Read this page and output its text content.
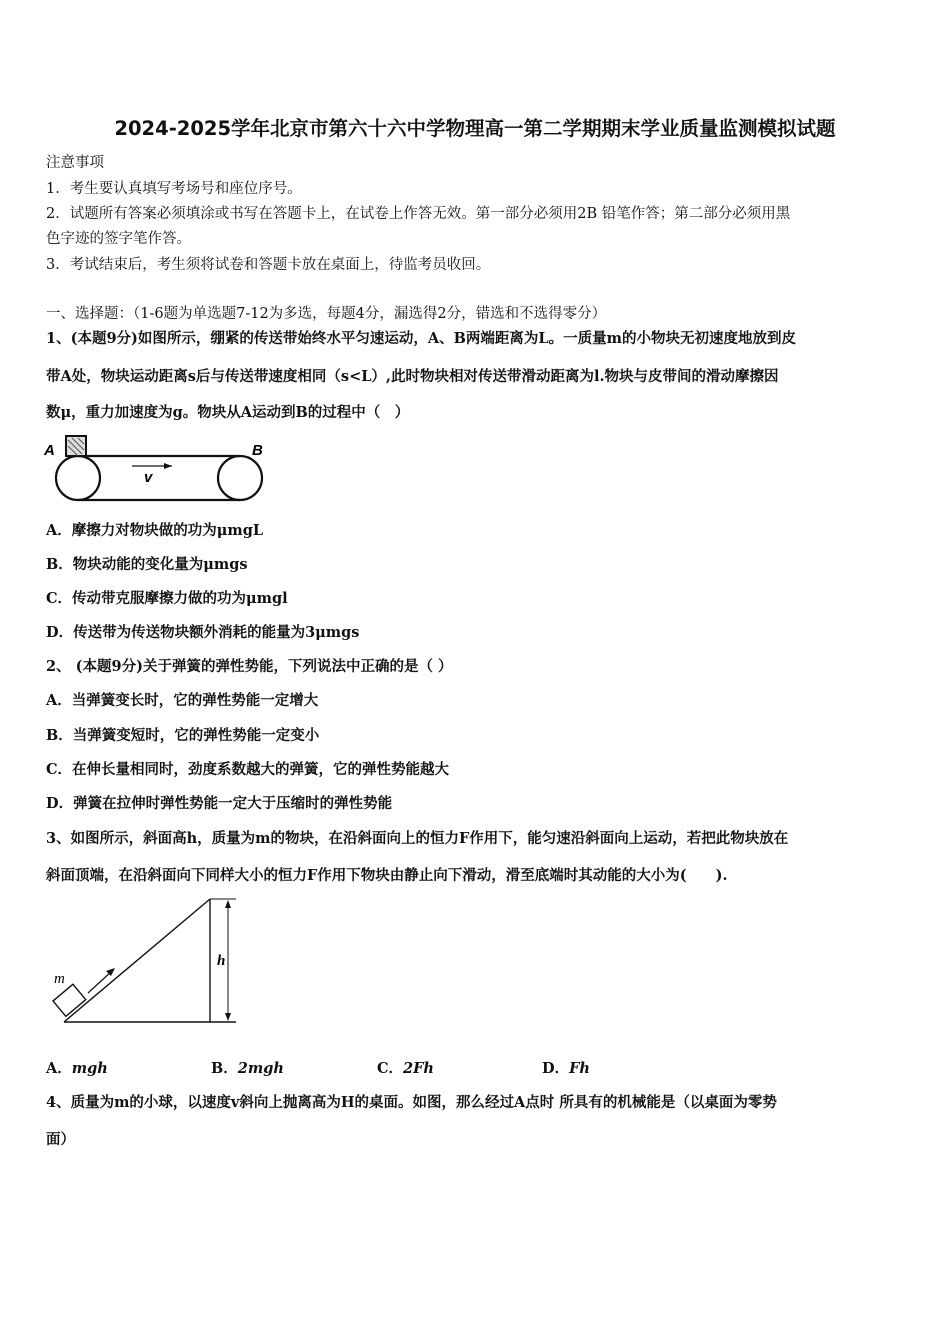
2024-2025学年北京市第六十六中学物理高一第二学期期末学业质量监测模拟试题
注意事项
1．考生要认真填写考场号和座位序号。
2．试题所有答案必须填涂或书写在答题卡上，在试卷上作答无效。第一部分必须用2B 铅笔作答；第二部分必须用黑
色字迹的签字笔作答。
3．考试结束后，考生须将试卷和答题卡放在桌面上，待监考员收回。
一、选择题：（1-6题为单选题7-12为多选，每题4分，漏选得2分，错选和不选得零分）
1、(本题9分)如图所示，绷紧的传送带始终水平匀速运动，A、B两端距离为L。一质量m的小物块无初速度地放到皮
带A处，物块运动距离s后与传送带速度相同（s<L）,此时物块相对传送带滑动距离为l.物块与皮带间的滑动摩擦因
数μ，重力加速度为g。物块从A运动到B的过程中（　）
A	B
v
A．摩擦力对物块做的功为μmgL
B．物块动能的变化量为μmgs
C．传动带克服摩擦力做的功为μmgl
D．传送带为传送物块额外消耗的能量为3μmgs
2、 (本题9分)关于弹簧的弹性势能，下列说法中正确的是（ ）
A．当弹簧变长时，它的弹性势能一定增大
B．当弹簧变短时，它的弹性势能一定变小
C．在伸长量相同时，劲度系数越大的弹簧，它的弹性势能越大
D．弹簧在拉伸时弹性势能一定大于压缩时的弹性势能
3、如图所示，斜面高h，质量为m的物块，在沿斜面向上的恒力F作用下，能匀速沿斜面向上运动，若把此物块放在
斜面顶端，在沿斜面向下同样大小的恒力F作用下物块由静止向下滑动，滑至底端时其动能的大小为(　　).
m
h
A．mgh	B．2mgh	C．2Fh	D．Fh
4、质量为m的小球，以速度v斜向上抛离高为H的桌面。如图，那么经过A点时 所具有的机械能是（以桌面为零势
面）
